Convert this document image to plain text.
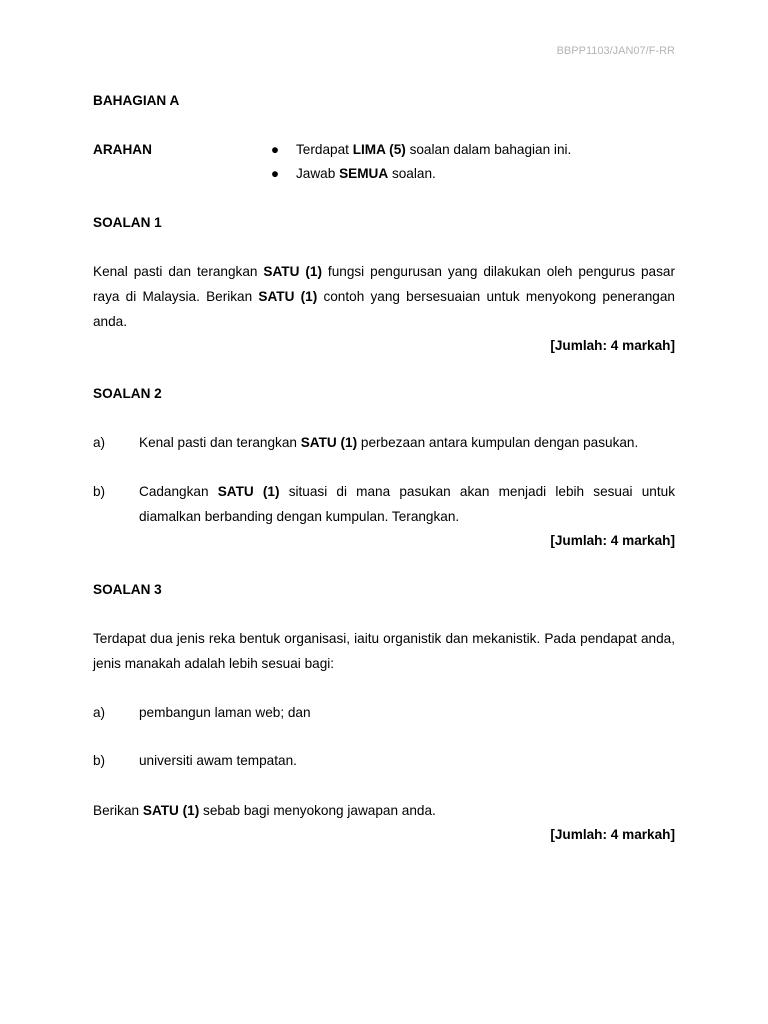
BBPP1103/JAN07/F-RR
BAHAGIAN A
ARAHAN	● Terdapat LIMA (5) soalan dalam bahagian ini.
● Jawab SEMUA soalan.
SOALAN 1
Kenal pasti dan terangkan SATU (1) fungsi pengurusan yang dilakukan oleh pengurus pasar raya di Malaysia. Berikan SATU (1) contoh yang bersesuaian untuk menyokong penerangan anda.
[Jumlah: 4 markah]
SOALAN 2
a) Kenal pasti dan terangkan SATU (1) perbezaan antara kumpulan dengan pasukan.
b) Cadangkan SATU (1) situasi di mana pasukan akan menjadi lebih sesuai untuk diamalkan berbanding dengan kumpulan. Terangkan.
[Jumlah: 4 markah]
SOALAN 3
Terdapat dua jenis reka bentuk organisasi, iaitu organistik dan mekanistik. Pada pendapat anda, jenis manakah adalah lebih sesuai bagi:
a) pembangun laman web; dan
b) universiti awam tempatan.
Berikan SATU (1) sebab bagi menyokong jawapan anda.
[Jumlah: 4 markah]
